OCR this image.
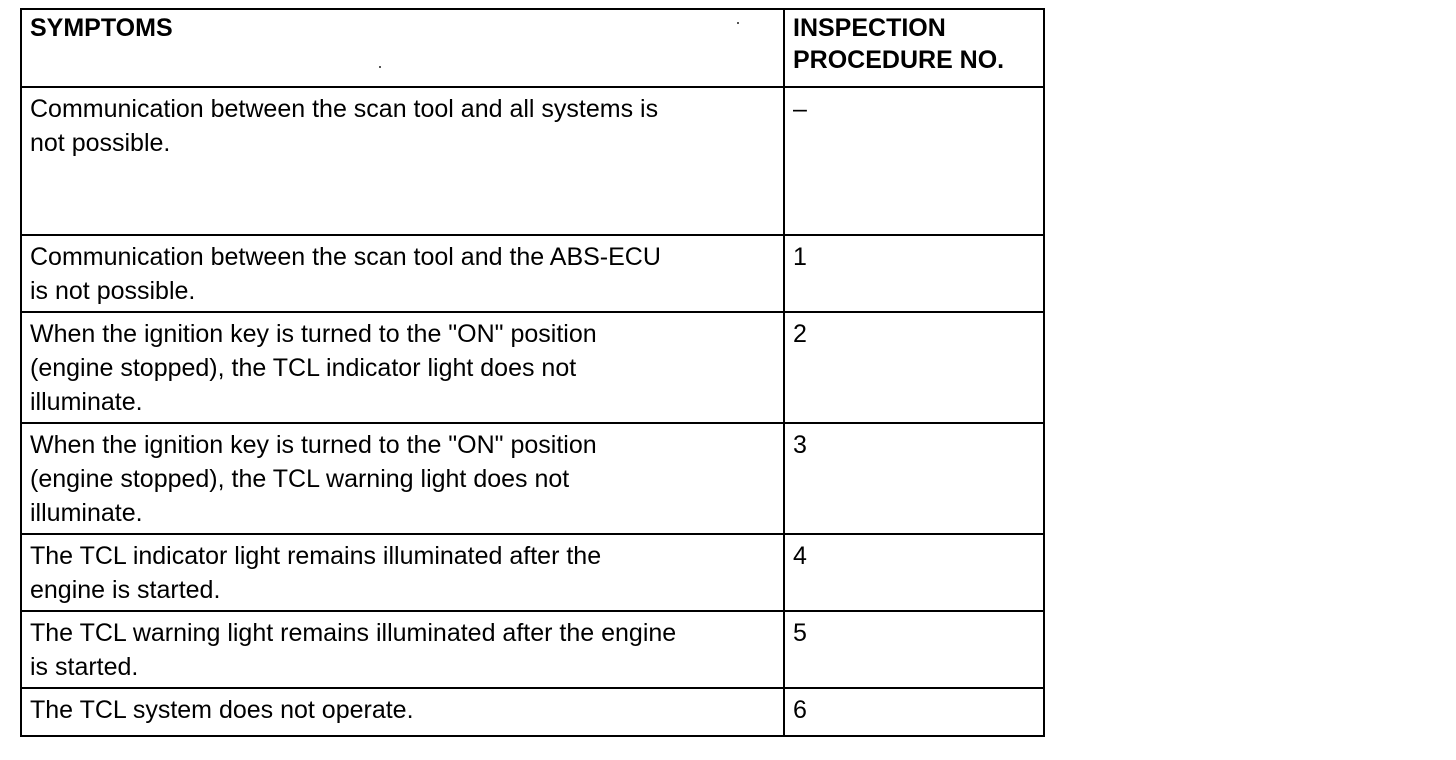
SYMPTOMS	INSPECTION
PROCEDURE NO.
Communication between the scan tool and all systems is
not possible.	–
Communication between the scan tool and the ABS-ECU
is not possible.	1
When the ignition key is turned to the "ON" position
(engine stopped), the TCL indicator light does not
illuminate.	2
When the ignition key is turned to the "ON" position
(engine stopped), the TCL warning light does not
illuminate.	3
The TCL indicator light remains illuminated after the
engine is started.	4
The TCL warning light remains illuminated after the engine
is started.	5
The TCL system does not operate.	6
